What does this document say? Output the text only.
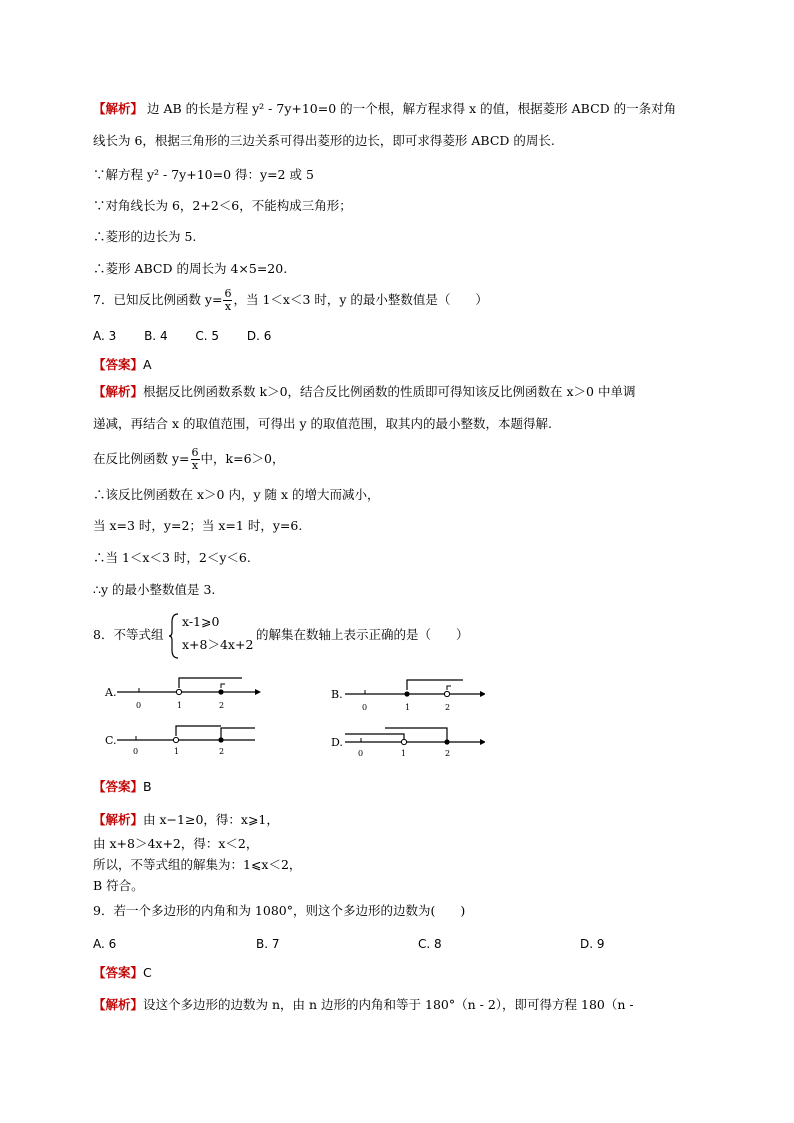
【解析】 边 AB 的长是方程 y² - 7y+10=0 的一个根，解方程求得 x 的值，根据菱形 ABCD 的一条对角
线长为 6，根据三角形的三边关系可得出菱形的边长，即可求得菱形 ABCD 的周长.
∵解方程 y² - 7y+10=0 得：y=2 或 5
∵对角线长为 6，2+2＜6，不能构成三角形；
∴菱形的边长为 5.
∴菱形 ABCD 的周长为 4×5=20.
7．已知反比例函数 $y= \frac{6}{x}$ ，当 1＜x＜3 时，y 的最小整数值是（　　）
A. 3　　 B. 4　　 C. 5　　 D. 6
【答案】A
【解析】根据反比例函数系数 k＞0，结合反比例函数的性质即可得知该反比例函数在 x＞0 中单调
递减，再结合 x 的取值范围，可得出 y 的取值范围，取其内的最小整数，本题得解.
在反比例函数 $y= \frac{6}{x}$ 中，k=6＞0，
∴该反比例函数在 x＞0 内，y 随 x 的增大而减小，
当 x=3 时，y=2；当 x=1 时，y=6.
∴当 1＜x＜3 时，2＜y＜6.
∴y 的最小整数值是 3.
8．不等式组
x-1⩾0
x+8＞4x+2
的解集在数轴上表示正确的是（　　）
A.
0	1	2
C.
0	1	2
B.
0	1	2
D.
0	1	2
【答案】B
【解析】由 x−1≥0，得：x⩾1，
由 x+8＞4x+2，得：x＜2，
所以，不等式组的解集为：1⩽x＜2，
B 符合。
9．若一个多边形的内角和为 1080°，则这个多边形的边数为(　　)
A. 6	B. 7	C. 8	D. 9
【答案】C
【解析】设这个多边形的边数为 n，由 n 边形的内角和等于 180°（n - 2），即可得方程 180（n -
